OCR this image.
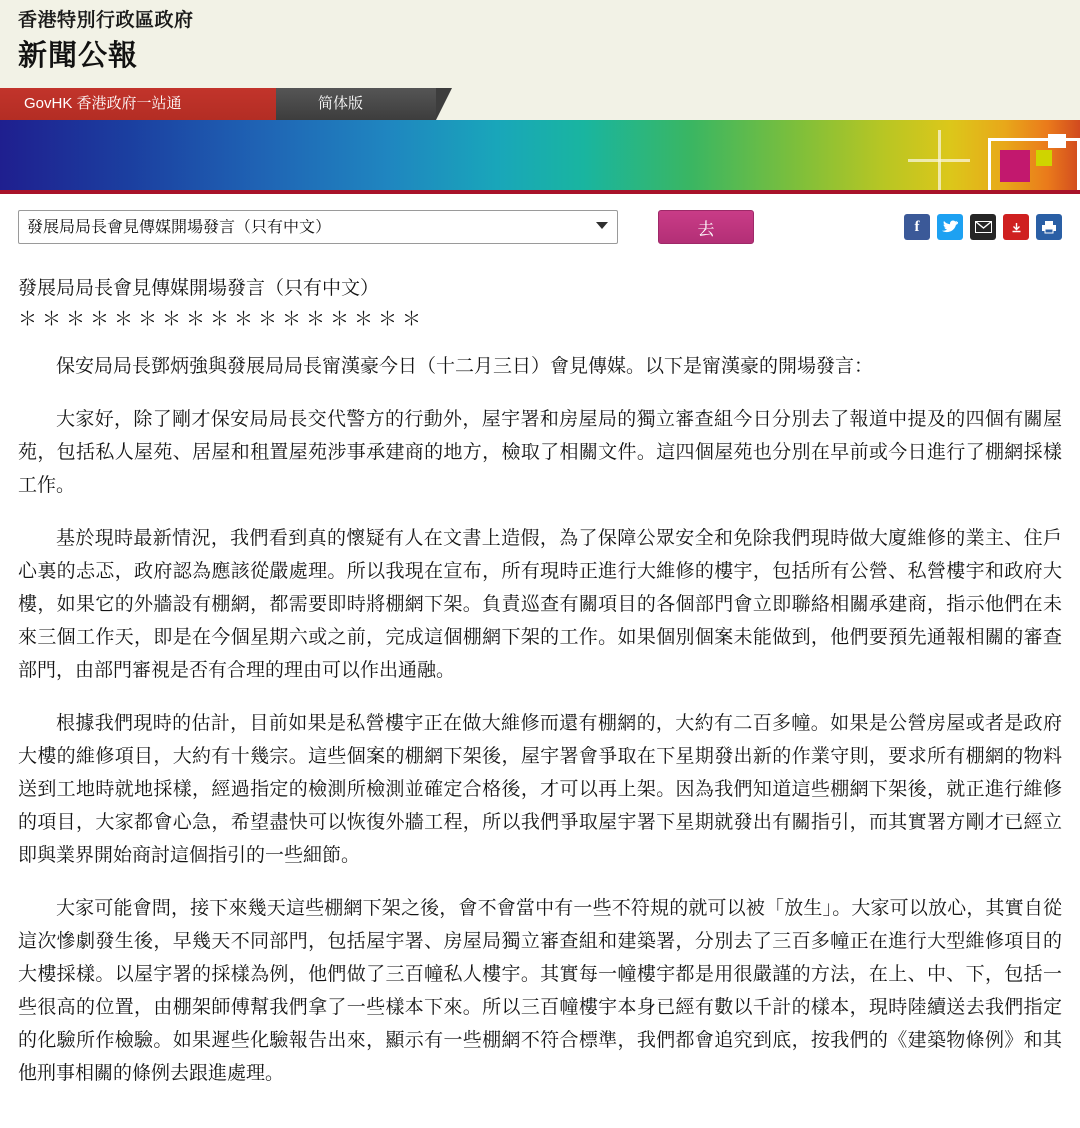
香港特別行政區政府
新聞公報
GovHK 香港政府一站通	简体版
發展局局長會見傳媒開場發言（只有中文）
去	f
發展局局長會見傳媒開場發言（只有中文）
＊＊＊＊＊＊＊＊＊＊＊＊＊＊＊＊＊

保安局局長鄧炳強與發展局局長甯漢豪今日（十二月三日）會見傳媒。以下是甯漢豪的開場發言：

大家好，除了剛才保安局局長交代警方的行動外，屋宇署和房屋局的獨立審查組今日分別去了報道中提及的四個有關屋苑，包括私人屋苑、居屋和租置屋苑涉事承建商的地方，檢取了相關文件。這四個屋苑也分別在早前或今日進行了棚網採樣工作。

基於現時最新情況，我們看到真的懷疑有人在文書上造假，為了保障公眾安全和免除我們現時做大廈維修的業主、住戶心裏的忐忑，政府認為應該從嚴處理。所以我現在宣布，所有現時正進行大維修的樓宇，包括所有公營、私營樓宇和政府大樓，如果它的外牆設有棚網，都需要即時將棚網下架。負責巡查有關項目的各個部門會立即聯絡相關承建商，指示他們在未來三個工作天，即是在今個星期六或之前，完成這個棚網下架的工作。如果個別個案未能做到，他們要預先通報相關的審查部門，由部門審視是否有合理的理由可以作出通融。

根據我們現時的估計，目前如果是私營樓宇正在做大維修而還有棚網的，大約有二百多幢。如果是公營房屋或者是政府大樓的維修項目，大約有十幾宗。這些個案的棚網下架後，屋宇署會爭取在下星期發出新的作業守則，要求所有棚網的物料送到工地時就地採樣，經過指定的檢測所檢測並確定合格後，才可以再上架。因為我們知道這些棚網下架後，就正進行維修的項目，大家都會心急，希望盡快可以恢復外牆工程，所以我們爭取屋宇署下星期就發出有關指引，而其實署方剛才已經立即與業界開始商討這個指引的一些細節。

大家可能會問，接下來幾天這些棚網下架之後，會不會當中有一些不符規的就可以被「放生」。大家可以放心，其實自從這次慘劇發生後，早幾天不同部門，包括屋宇署、房屋局獨立審查組和建築署，分別去了三百多幢正在進行大型維修項目的大樓採樣。以屋宇署的採樣為例，他們做了三百幢私人樓宇。其實每一幢樓宇都是用很嚴謹的方法，在上、中、下，包括一些很高的位置，由棚架師傅幫我們拿了一些樣本下來。所以三百幢樓宇本身已經有數以千計的樣本，現時陸續送去我們指定的化驗所作檢驗。如果遲些化驗報告出來，顯示有一些棚網不符合標準，我們都會追究到底，按我們的《建築物條例》和其他刑事相關的條例去跟進處理。
